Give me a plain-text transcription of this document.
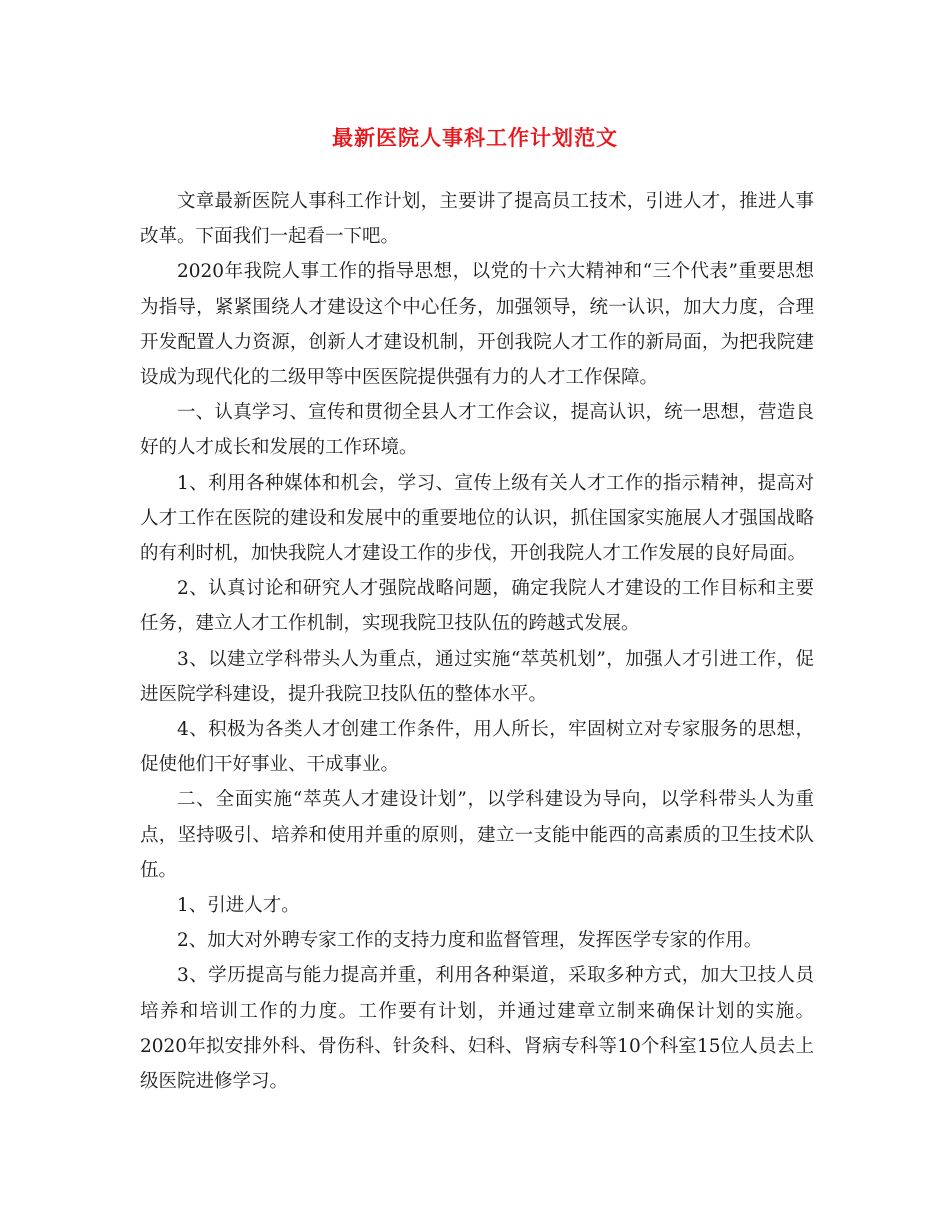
最新医院人事科工作计划范文

文章最新医院人事科工作计划，主要讲了提高员工技术，引进人才，推进人事改革。下面我们一起看一下吧。

2020年我院人事工作的指导思想，以党的十六大精神和“三个代表”重要思想为指导，紧紧围绕人才建设这个中心任务，加强领导，统一认识，加大力度，合理开发配置人力资源，创新人才建设机制，开创我院人才工作的新局面，为把我院建设成为现代化的二级甲等中医医院提供强有力的人才工作保障。

一、认真学习、宣传和贯彻全县人才工作会议，提高认识，统一思想，营造良好的人才成长和发展的工作环境。

1、利用各种媒体和机会，学习、宣传上级有关人才工作的指示精神，提高对人才工作在医院的建设和发展中的重要地位的认识，抓住国家实施展人才强国战略的有利时机，加快我院人才建设工作的步伐，开创我院人才工作发展的良好局面。

2、认真讨论和研究人才强院战略问题，确定我院人才建设的工作目标和主要任务，建立人才工作机制，实现我院卫技队伍的跨越式发展。

3、以建立学科带头人为重点，通过实施“萃英机划”，加强人才引进工作，促进医院学科建设，提升我院卫技队伍的整体水平。

4、积极为各类人才创建工作条件，用人所长，牢固树立对专家服务的思想，促使他们干好事业、干成事业。

二、全面实施“萃英人才建设计划”，以学科建设为导向，以学科带头人为重点，坚持吸引、培养和使用并重的原则，建立一支能中能西的高素质的卫生技术队伍。

1、引进人才。

2、加大对外聘专家工作的支持力度和监督管理，发挥医学专家的作用。

3、学历提高与能力提高并重，利用各种渠道，采取多种方式，加大卫技人员培养和培训工作的力度。工作要有计划，并通过建章立制来确保计划的实施。2020年拟安排外科、骨伤科、针灸科、妇科、肾病专科等10个科室15位人员去上级医院进修学习。
